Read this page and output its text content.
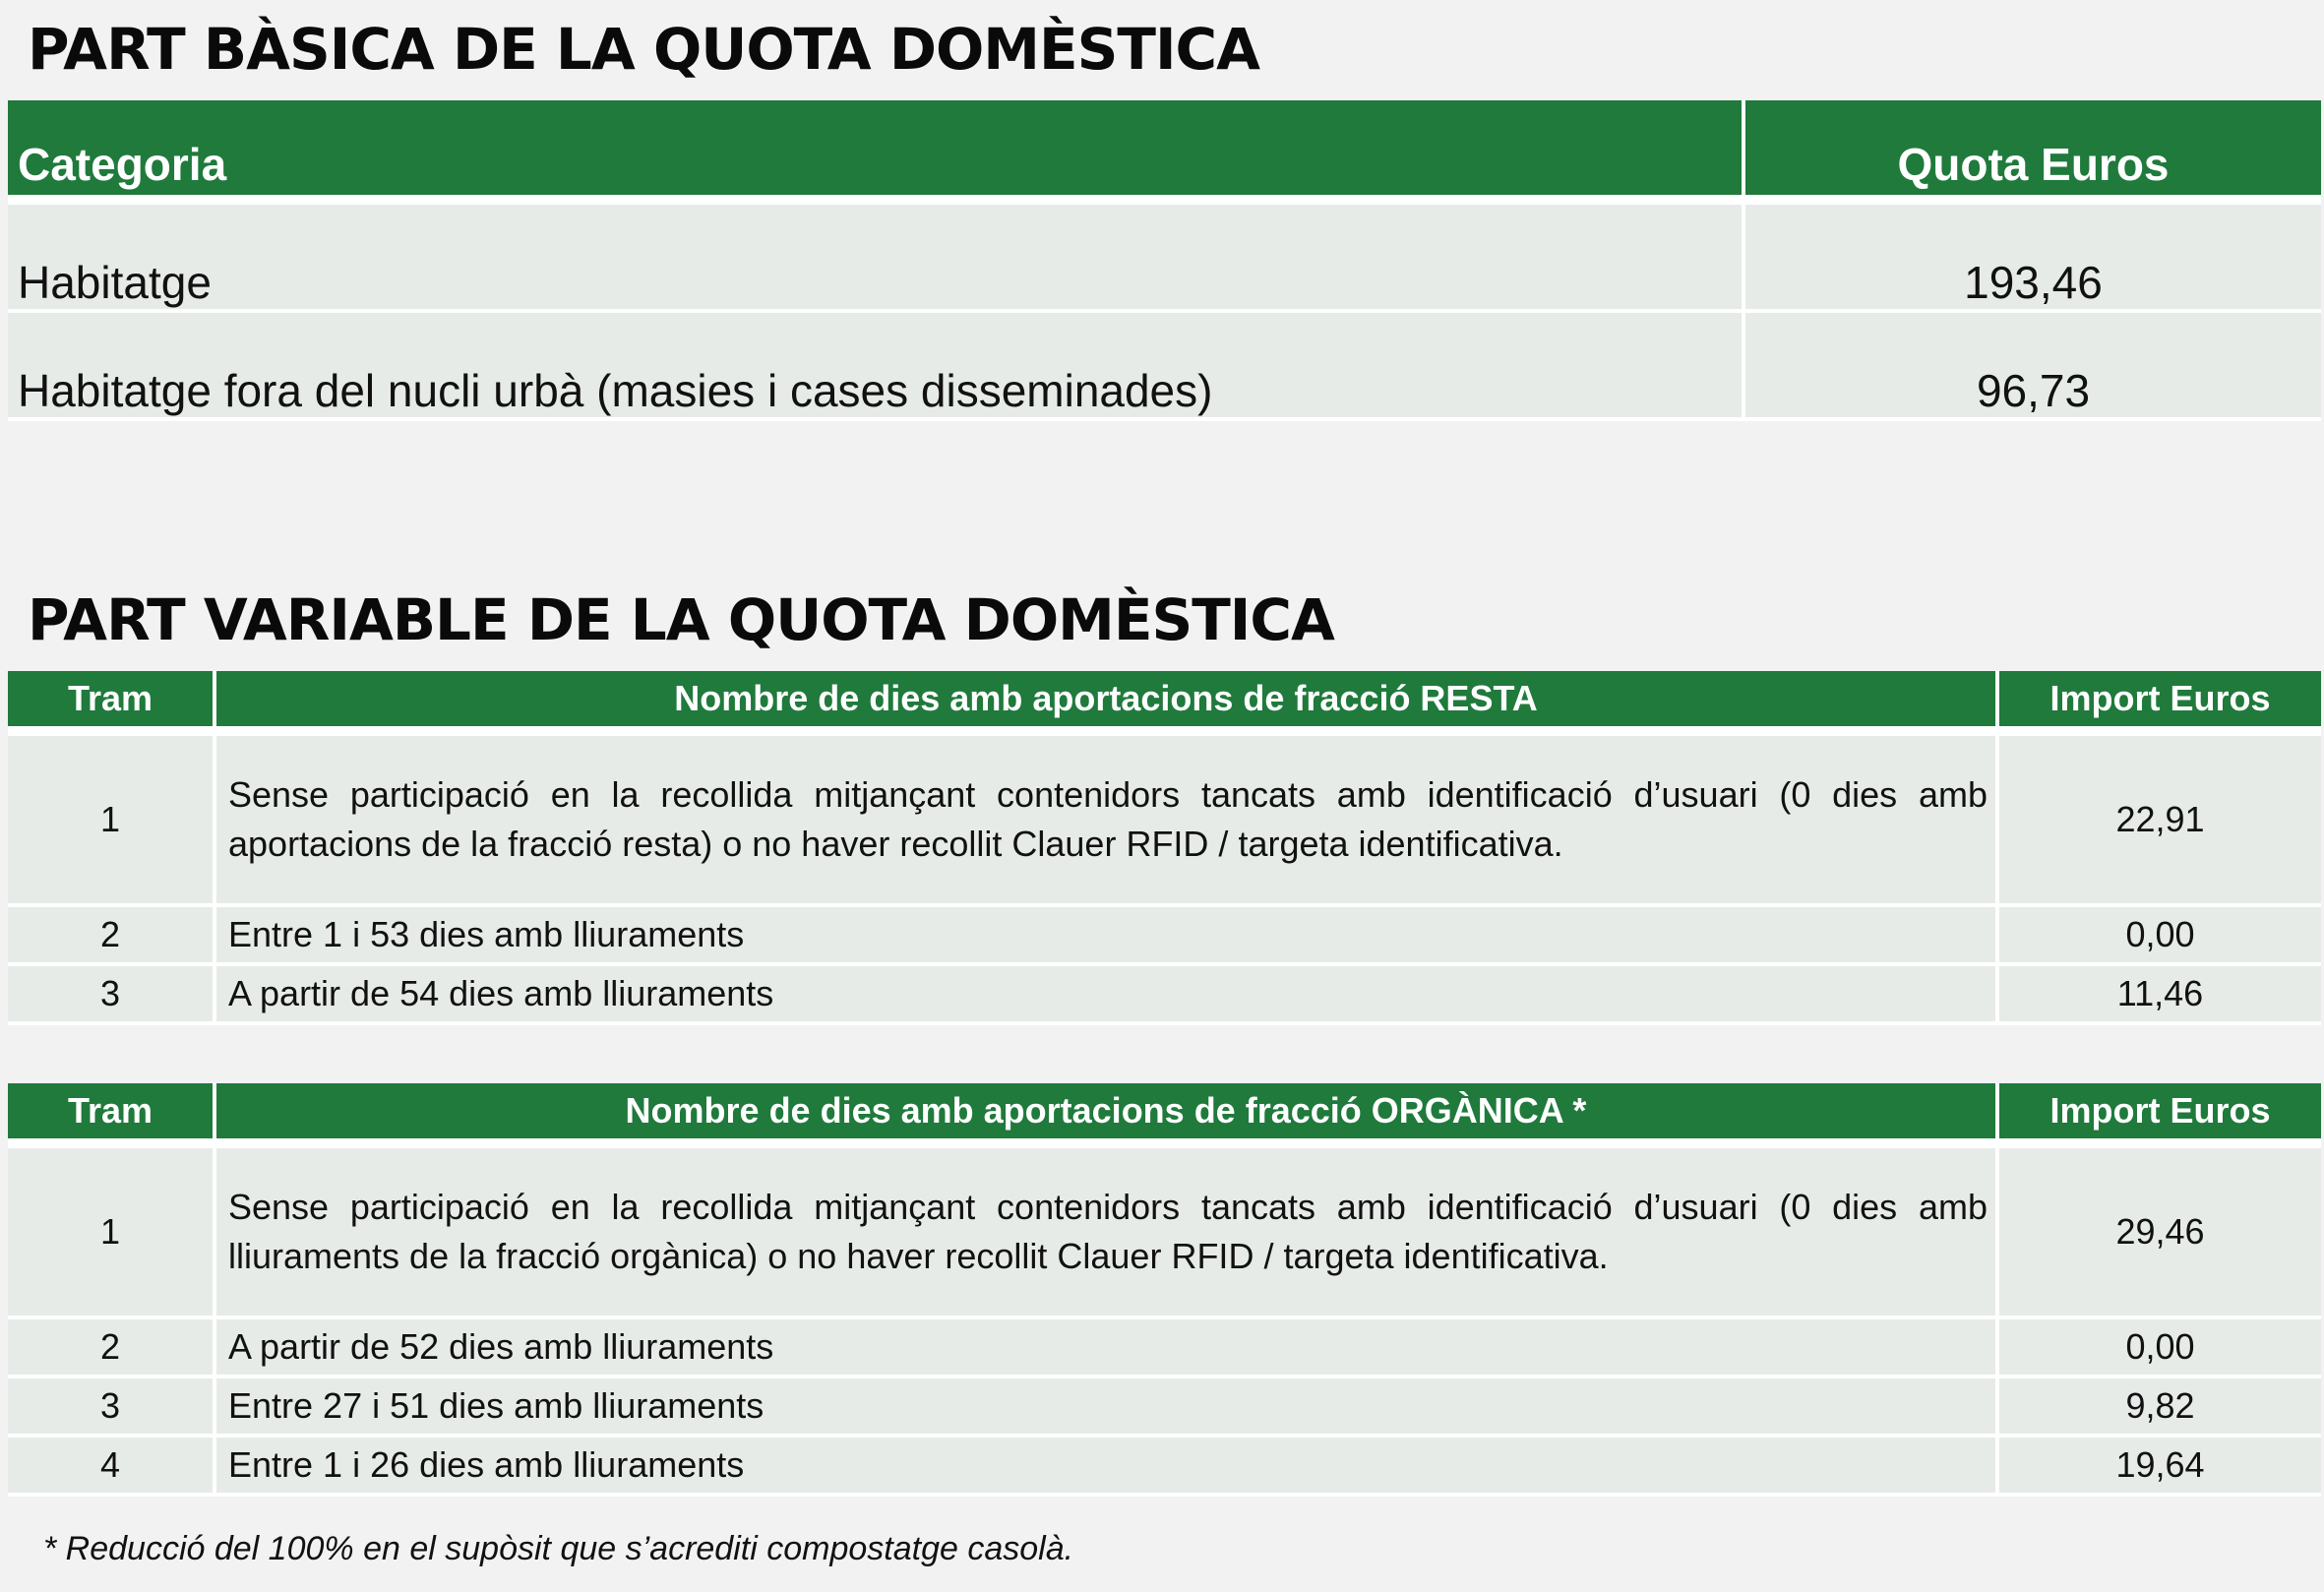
PART BÀSICA DE LA QUOTA DOMÈSTICA
Categoria	Quota Euros
Habitatge	193,46
Habitatge fora del nucli urbà (masies i cases disseminades)	96,73
PART VARIABLE DE LA QUOTA DOMÈSTICA
Tram	Nombre de dies amb aportacions de fracció RESTA	Import Euros
1	Sense participació en la recollida mitjançant contenidors tancats amb identificació d’usuari (0 dies amb aportacions de la fracció resta) o no haver recollit Clauer RFID / targeta identificativa.	22,91
2	Entre 1 i 53 dies amb lliuraments	0,00
3	A partir de 54 dies amb lliuraments	11,46
Tram	Nombre de dies amb aportacions de fracció ORGÀNICA *	Import Euros
1	Sense participació en la recollida mitjançant contenidors tancats amb identificació d’usuari (0 dies amb lliuraments de la fracció orgànica) o no haver recollit Clauer RFID / targeta identificativa.	29,46
2	A partir de 52 dies amb lliuraments	0,00
3	Entre 27 i 51 dies amb lliuraments	9,82
4	Entre 1 i 26 dies amb lliuraments	19,64
* Reducció del 100% en el supòsit que s’acrediti compostatge casolà.
